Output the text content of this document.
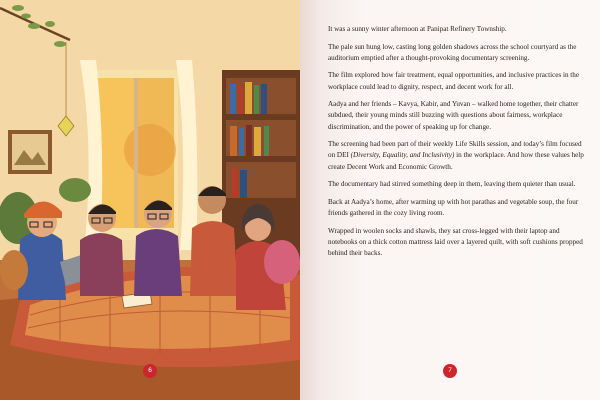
6

It was a sunny winter afternoon at Panipat Refinery Township.

The pale sun hung low, casting long golden shadows across the school courtyard as the auditorium emptied after a thought-provoking documentary screening.

The film explored how fair treatment, equal opportunities, and inclusive practices in the workplace could lead to dignity, respect, and decent work for all.

Aadya and her friends – Kavya, Kabir, and Yuvan – walked home together, their chatter subdued, their young minds still buzzing with questions about fairness, workplace discrimination, and the power of speaking up for change.

The screening had been part of their weekly Life Skills session, and today’s film focused on DEI (Diversity, Equality, and Inclusivity) in the workplace. And how these values help create Decent Work and Economic Growth.

The documentary had stirred something deep in them, leaving them quieter than usual.

Back at Aadya’s home, after warming up with hot parathas and vegetable soup, the four friends gathered in the cozy living room.

Wrapped in woolen socks and shawls, they sat cross-legged with their laptop and notebooks on a thick cotton mattress laid over a layered quilt, with soft cushions propped behind their backs.

7
